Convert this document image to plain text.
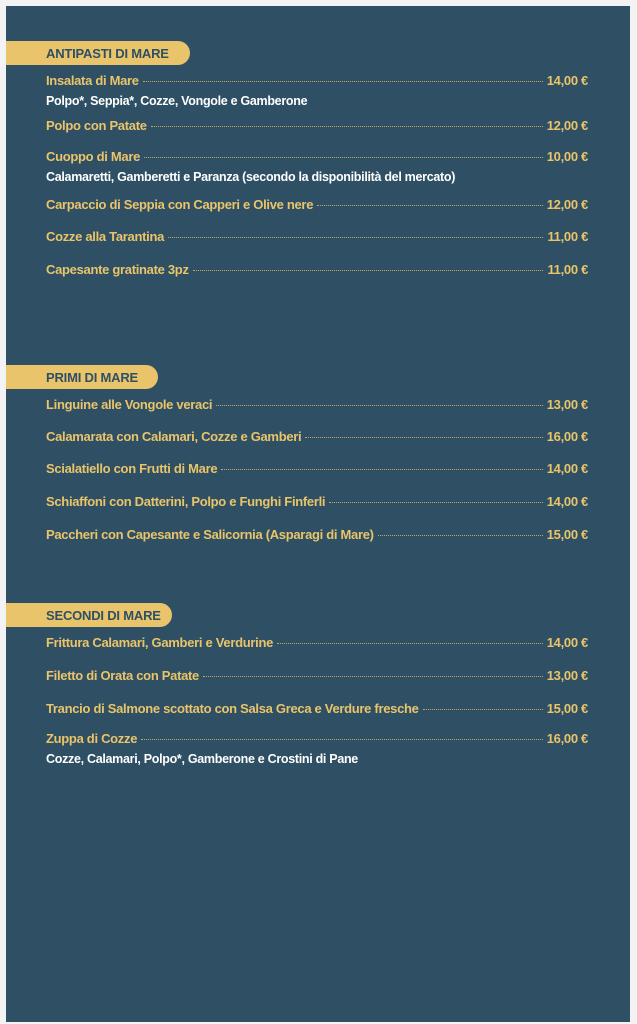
ANTIPASTI DI MARE
Insalata di Mare	14,00 €
Polpo*, Seppia*, Cozze, Vongole e Gamberone
Polpo con Patate	12,00 €
Cuoppo di Mare	10,00 €
Calamaretti, Gamberetti e Paranza (secondo la disponibilità del mercato)
Carpaccio di Seppia con Capperi e Olive nere	12,00 €
Cozze alla Tarantina	11,00 €
Capesante gratinate 3pz	11,00 €
PRIMI DI MARE
Linguine alle Vongole veraci	13,00 €
Calamarata con Calamari, Cozze e Gamberi	16,00 €
Scialatiello con Frutti di Mare	14,00 €
Schiaffoni con Datterini, Polpo e Funghi Finferli	14,00 €
Paccheri con Capesante e Salicornia (Asparagi di Mare)	15,00 €
SECONDI DI MARE
Frittura Calamari, Gamberi e Verdurine	14,00 €
Filetto di Orata con Patate	13,00 €
Trancio di Salmone scottato con Salsa Greca e Verdure fresche	15,00 €
Zuppa di Cozze	16,00 €
Cozze, Calamari, Polpo*, Gamberone e Crostini di Pane
